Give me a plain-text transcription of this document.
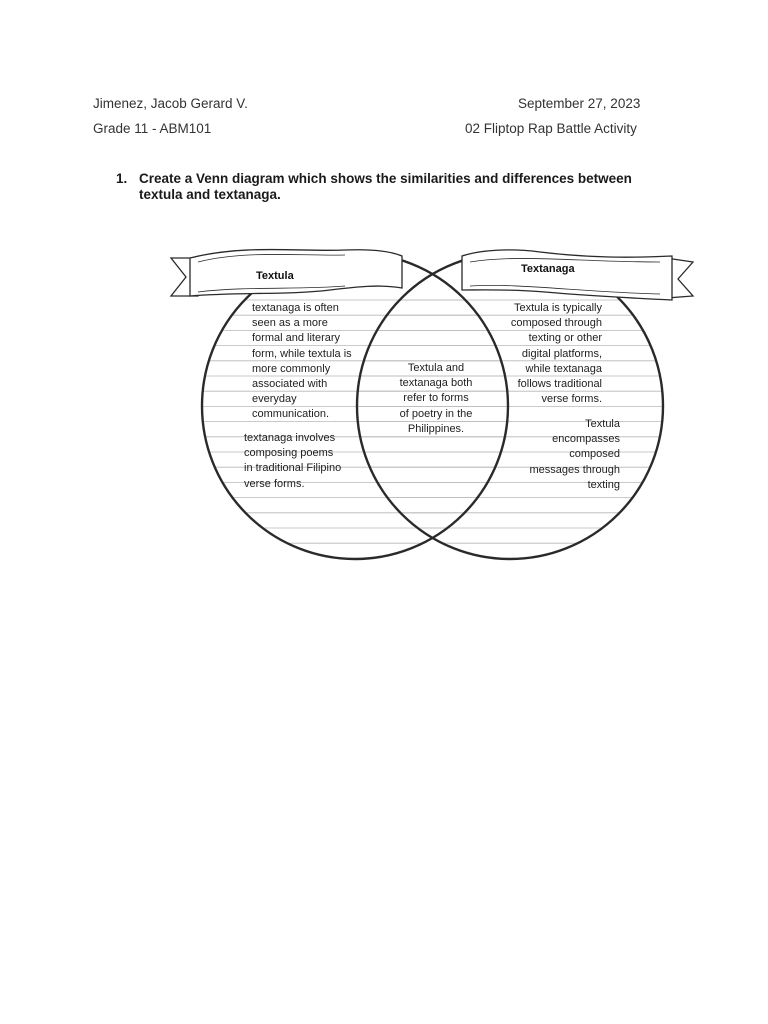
Jimenez, Jacob Gerard V.	September 27, 2023
Grade 11 - ABM101	02 Fliptop Rap Battle Activity
1. Create a Venn diagram which shows the similarities and differences between textula and textanaga.
Textula
Textanaga
textanaga is often seen as a more formal and literary form, while textula is more commonly associated with everyday communication.
textanaga involves composing poems in traditional Filipino verse forms.
Textula and textanaga both refer to forms of poetry in the Philippines.
Textula is typically composed through texting or other digital platforms, while textanaga follows traditional verse forms.
Textula encompasses composed messages through texting
